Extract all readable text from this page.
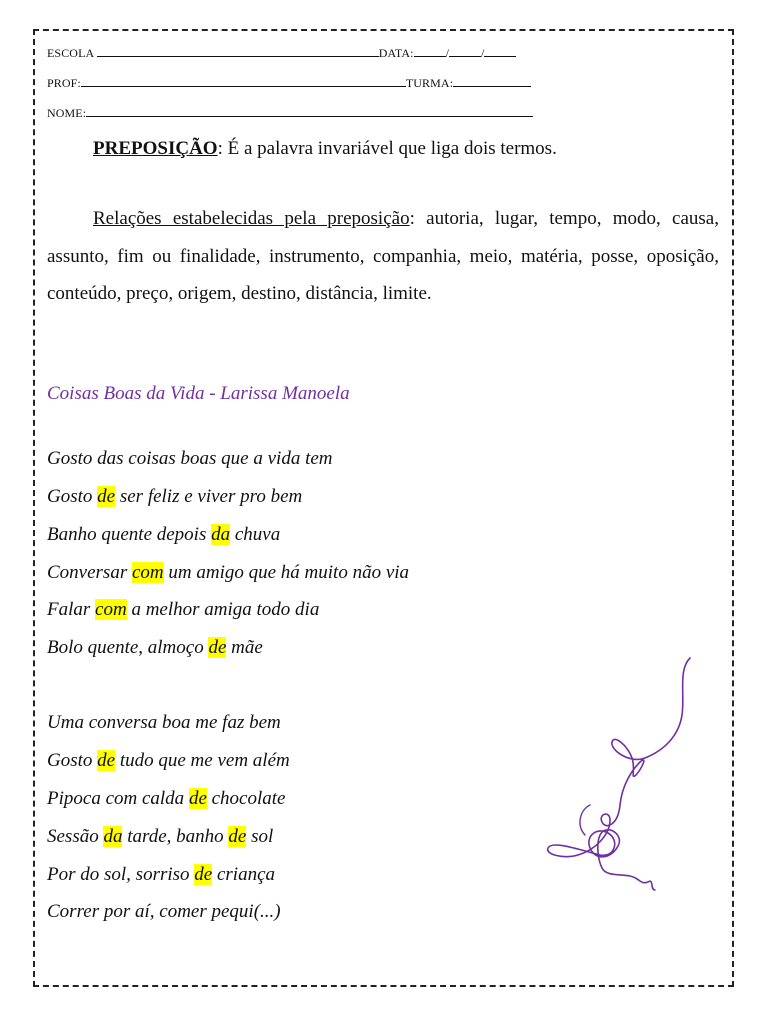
ESCOLA	DATA:	/	/
PROF:	TURMA:
NOME:
PREPOSIÇÃO: É a palavra invariável que liga dois termos.
Relações estabelecidas pela preposição: autoria, lugar, tempo, modo, causa, assunto, fim ou finalidade, instrumento, companhia, meio, matéria, posse, oposição, conteúdo, preço, origem, destino, distância, limite.
Coisas Boas da Vida - Larissa Manoela
Gosto das coisas boas que a vida tem
Gosto de ser feliz e viver pro bem
Banho quente depois da chuva
Conversar com um amigo que há muito não via
Falar com a melhor amiga todo dia
Bolo quente, almoço de mãe
Uma conversa boa me faz bem
Gosto de tudo que me vem além
Pipoca com calda de chocolate
Sessão da tarde, banho de sol
Por do sol, sorriso de criança
Correr por aí, comer pequi(...)
